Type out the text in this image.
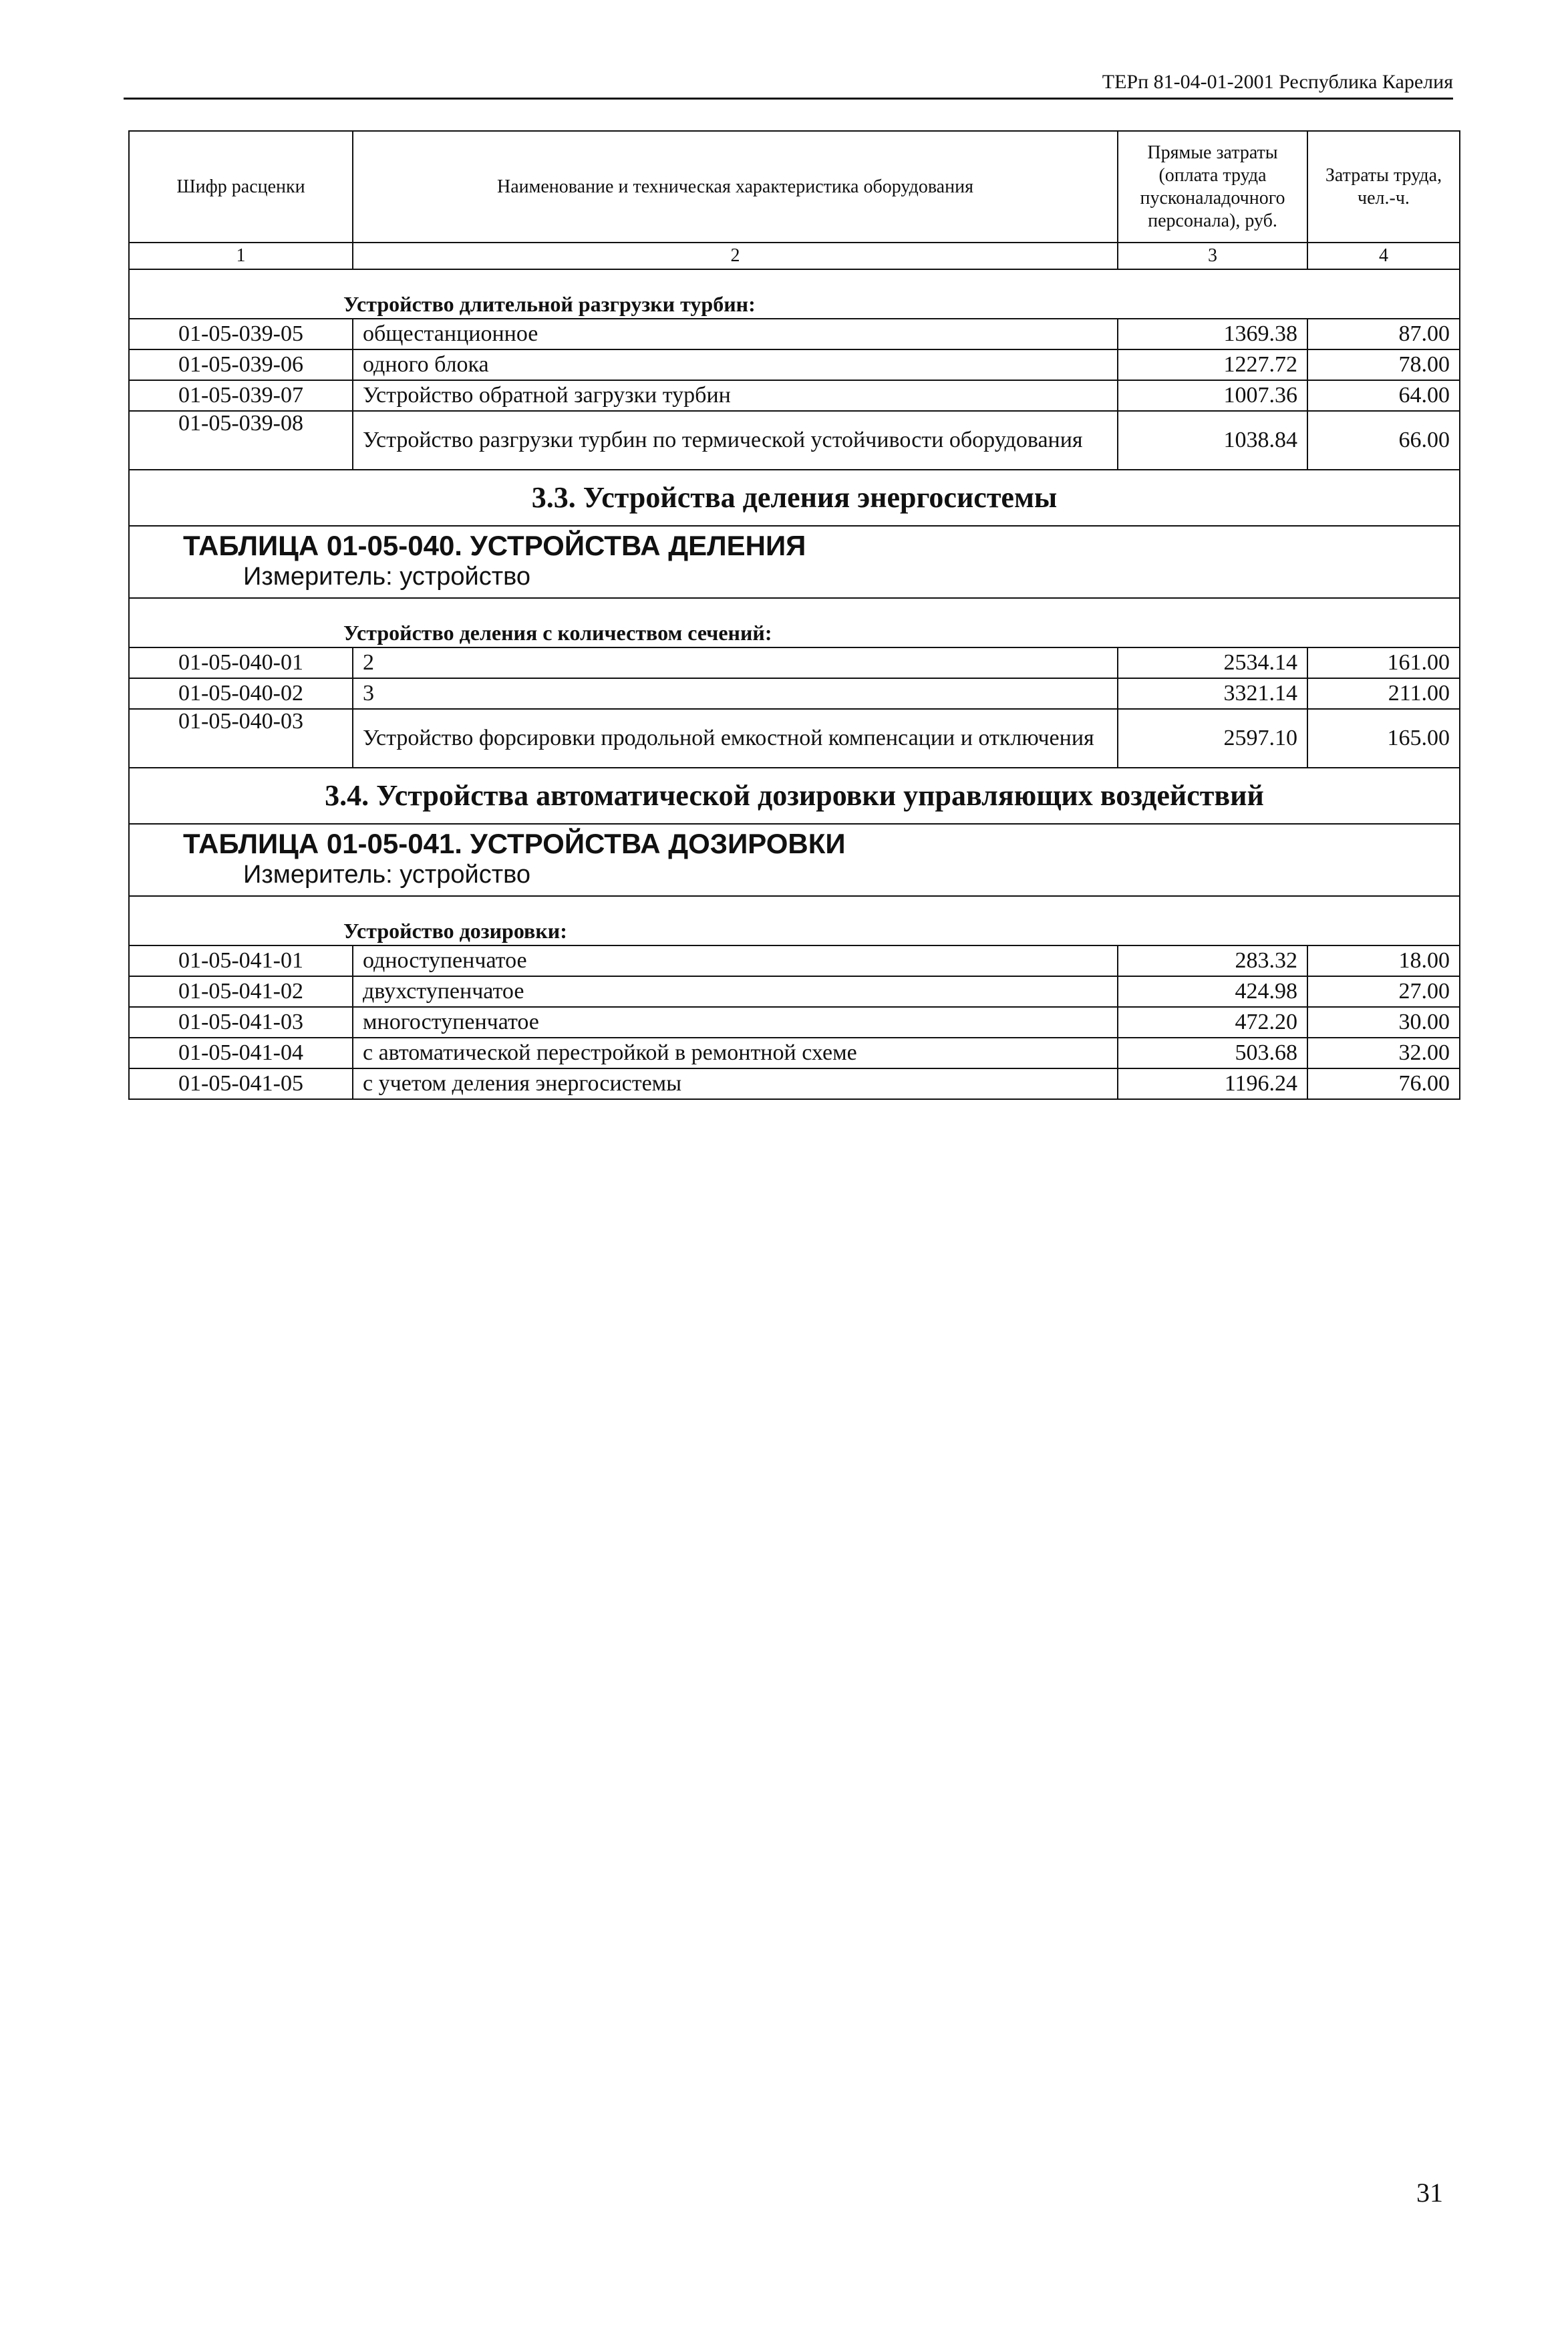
ТЕРп 81-04-01-2001 Республика Карелия
Шифр расценки	Наименование и техническая характеристика оборудования	Прямые затраты (оплата труда пусконаладочного персонала), руб.	Затраты труда, чел.-ч.
1	2	3	4
Устройство длительной разгрузки турбин:			
01-05-039-05	общестанционное	1369.38	87.00
01-05-039-06	одного блока	1227.72	78.00
01-05-039-07	Устройство обратной загрузки турбин	1007.36	64.00
01-05-039-08	Устройство разгрузки турбин по термической устойчивости оборудования	1038.84	66.00
3.3. Устройства деления энергосистемы			

ТАБЛИЦА 01-05-040. УСТРОЙСТВА ДЕЛЕНИЯ
Измеритель: устройство			

Устройство деления с количеством сечений:			
01-05-040-01	2	2534.14	161.00
01-05-040-02	3	3321.14	211.00
01-05-040-03	Устройство форсировки продольной емкостной компенсации и отключения	2597.10	165.00
3.4. Устройства автоматической дозировки управляющих воздействий			

ТАБЛИЦА 01-05-041. УСТРОЙСТВА ДОЗИРОВКИ
Измеритель: устройство			

Устройство дозировки:			
01-05-041-01	одноступенчатое	283.32	18.00
01-05-041-02	двухступенчатое	424.98	27.00
01-05-041-03	многоступенчатое	472.20	30.00
01-05-041-04	с автоматической перестройкой в ремонтной схеме	503.68	32.00
01-05-041-05	с учетом деления энергосистемы	1196.24	76.00
31
